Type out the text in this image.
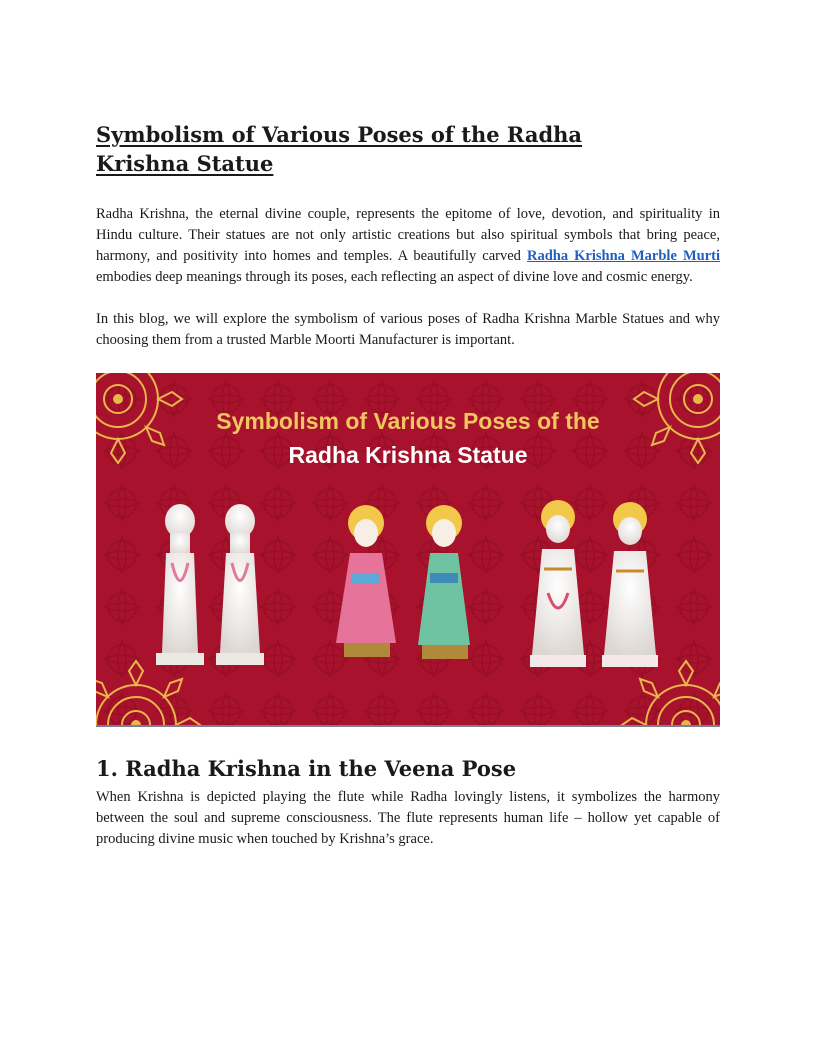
Symbolism of Various Poses of the Radha Krishna Statue

Radha Krishna, the eternal divine couple, represents the epitome of love, devotion, and spirituality in Hindu culture. Their statues are not only artistic creations but also spiritual symbols that bring peace, harmony, and positivity into homes and temples. A beautifully carved Radha Krishna Marble Murti embodies deep meanings through its poses, each reflecting an aspect of divine love and cosmic energy.

In this blog, we will explore the symbolism of various poses of Radha Krishna Marble Statues and why choosing them from a trusted Marble Moorti Manufacturer is important.

Symbolism of Various Poses of the
Radha Krishna Statue
1. Radha Krishna in the Veena Pose

When Krishna is depicted playing the flute while Radha lovingly listens, it symbolizes the harmony between the soul and supreme consciousness. The flute represents human life – hollow yet capable of producing divine music when touched by Krishna’s grace.
